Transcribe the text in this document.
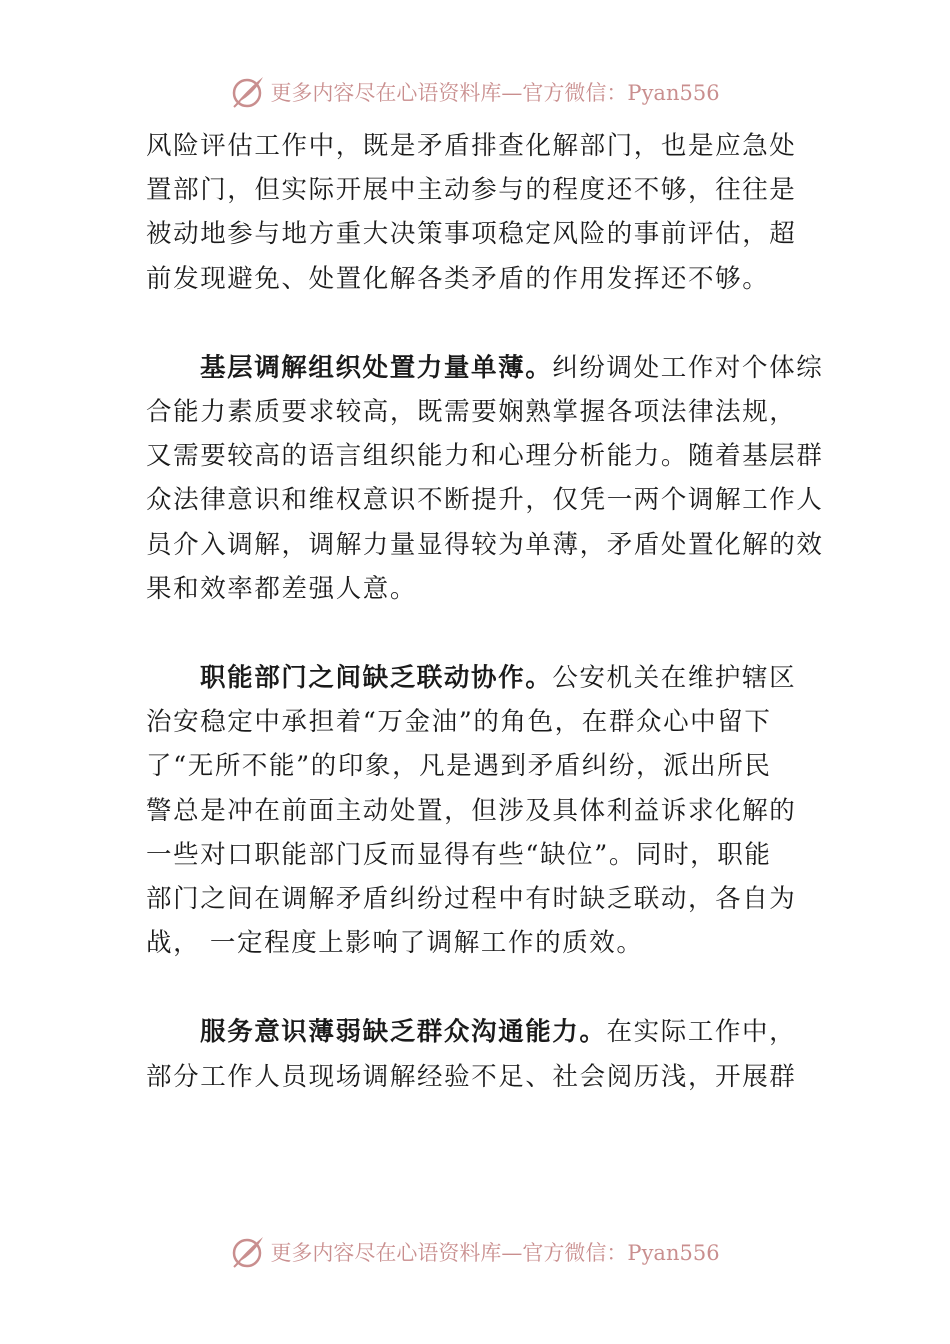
更多内容尽在心语资料库—官方微信：Pyan556
风险评估工作中，既是矛盾排查化解部门，也是应急处
置部门，但实际开展中主动参与的程度还不够，往往是
被动地参与地方重大决策事项稳定风险的事前评估，超
前发现避免、处置化解各类矛盾的作用发挥还不够。
基层调解组织处置力量单薄。纠纷调处工作对个体综
合能力素质要求较高，既需要娴熟掌握各项法律法规，
又需要较高的语言组织能力和心理分析能力。随着基层群
众法律意识和维权意识不断提升，仅凭一两个调解工作人
员介入调解，调解力量显得较为单薄，矛盾处置化解的效
果和效率都差强人意。
职能部门之间缺乏联动协作。公安机关在维护辖区
治安稳定中承担着“万金油”的角色，在群众心中留下
了“无所不能”的印象，凡是遇到矛盾纠纷，派出所民
警总是冲在前面主动处置，但涉及具体利益诉求化解的
一些对口职能部门反而显得有些“缺位”。同时，职能
部门之间在调解矛盾纠纷过程中有时缺乏联动，各自为
战， 一定程度上影响了调解工作的质效。
服务意识薄弱缺乏群众沟通能力。在实际工作中，
部分工作人员现场调解经验不足、社会阅历浅，开展群
更多内容尽在心语资料库—官方微信：Pyan556
